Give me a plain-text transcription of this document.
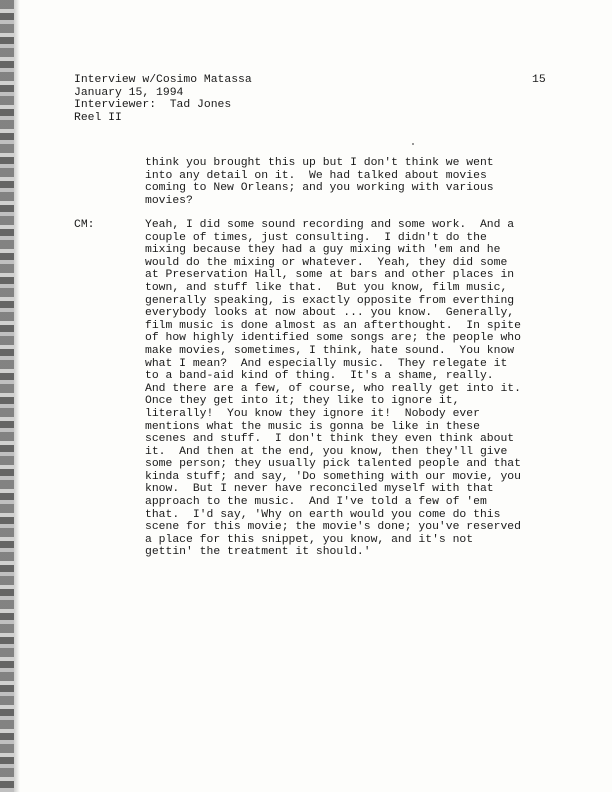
Interview w/Cosimo Matassa
January 15, 1994
Interviewer:  Tad Jones
Reel II
15
think you brought this up but I don't think we went
into any detail on it.  We had talked about movies
coming to New Orleans; and you working with various
movies?
CM:	Yeah, I did some sound recording and some work.  And a
couple of times, just consulting.  I didn't do the
mixing because they had a guy mixing with 'em and he
would do the mixing or whatever.  Yeah, they did some
at Preservation Hall, some at bars and other places in
town, and stuff like that.  But you know, film music,
generally speaking, is exactly opposite from everthing
everybody looks at now about ... you know.  Generally,
film music is done almost as an afterthought.  In spite
of how highly identified some songs are; the people who
make movies, sometimes, I think, hate sound.  You know
what I mean?  And especially music.  They relegate it
to a band-aid kind of thing.  It's a shame, really.
And there are a few, of course, who really get into it.
Once they get into it; they like to ignore it,
literally!  You know they ignore it!  Nobody ever
mentions what the music is gonna be like in these
scenes and stuff.  I don't think they even think about
it.  And then at the end, you know, then they'll give
some person; they usually pick talented people and that
kinda stuff; and say, 'Do something with our movie, you
know.  But I never have reconciled myself with that
approach to the music.  And I've told a few of 'em
that.  I'd say, 'Why on earth would you come do this
scene for this movie; the movie's done; you've reserved
a place for this snippet, you know, and it's not
gettin' the treatment it should.'
